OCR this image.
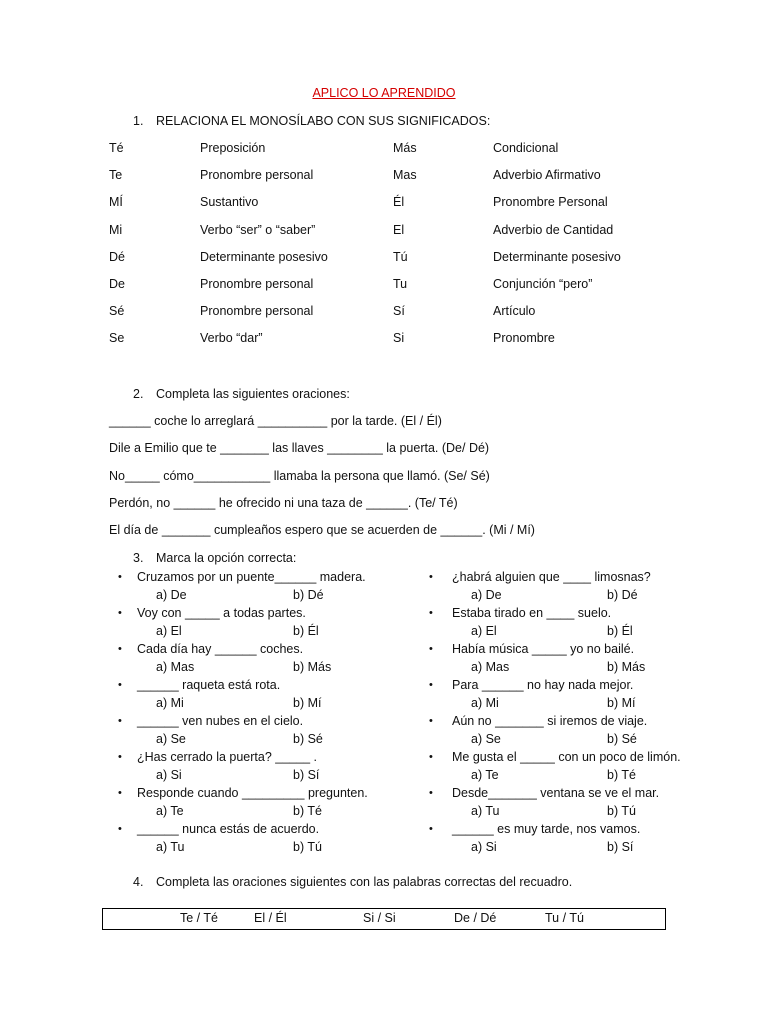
APLICO LO APRENDIDO
1. RELACIONA EL MONOSÍLABO CON SUS SIGNIFICADOS:
Té	Preposición	Más	Condicional
Te	Pronombre personal	Mas	Adverbio Afirmativo
MÍ	Sustantivo	Él	Pronombre Personal
Mi	Verbo “ser” o “saber”	El	Adverbio de Cantidad
Dé	Determinante posesivo	Tú	Determinante posesivo
De	Pronombre personal	Tu	Conjunción “pero”
Sé	Pronombre personal	Sí	Artículo
Se	Verbo “dar”	Si	Pronombre
2. Completa las siguientes oraciones:
______ coche lo arreglará __________ por la tarde. (El / Él)
Dile a Emilio que te _______ las llaves ________ la puerta. (De/ Dé)
No_____ cómo___________ llamaba la persona que llamó. (Se/ Sé)
Perdón, no ______ he ofrecido ni una taza de ______. (Te/ Té)
El día de _______ cumpleaños espero que se acuerden de ______. (Mi / Mí)
3. Marca la opción correcta:
• Cruzamos por un puente______ madera.
a) De	b) Dé
• Voy con _____ a todas partes.
a) El	b) Él
• Cada día hay ______ coches.
a) Mas	b) Más
• ______ raqueta está rota.
a) Mi	b) Mí
• ______ ven nubes en el cielo.
a) Se	b) Sé
• ¿Has cerrado la puerta? _____ .
a) Si	b) Sí
• Responde cuando _________ pregunten.
a) Te	b) Té
• ______ nunca estás de acuerdo.
a) Tu	b) Tú
• ¿habrá alguien que ____ limosnas?
a) De	b) Dé
• Estaba tirado en ____ suelo.
a) El	b) Él
• Había música _____ yo no bailé.
a) Mas	b) Más
• Para ______ no hay nada mejor.
a) Mi	b) Mí
• Aún no _______ si iremos de viaje.
a) Se	b) Sé
• Me gusta el _____ con un poco de limón.
a) Te	b) Té
• Desde_______ ventana se ve el mar.
a) Tu	b) Tú
• ______ es muy tarde, nos vamos.
a) Si	b) Sí
4. Completa las oraciones siguientes con las palabras correctas del recuadro.
Te / Té	El / Él	Si / Si	De / Dé	Tu / Tú
